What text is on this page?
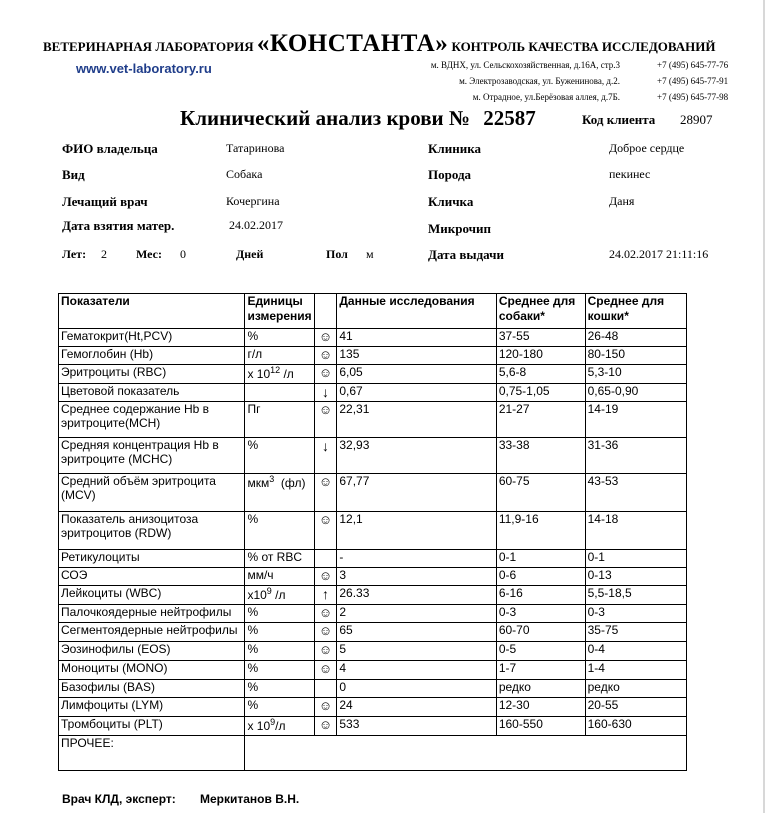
ВЕТЕРИНАРНАЯ ЛАБОРАТОРИЯ «КОНСТАНТА» КОНТРОЛЬ КАЧЕСТВА ИССЛЕДОВАНИЙ
www.vet-laboratory.ru	м. ВДНХ, ул. Сельскохозяйственная, д.16А, стр.3
м. Электрозаводская, ул. Буженинова, д.2.
м. Отрадное, ул.Берёзовая аллея, д.7Б.
+7 (495) 645-77-76
+7 (495) 645-77-91
+7 (495) 645-77-98
Клинический анализ крови № 22587	Код клиента 28907
ФИО владельца	Татаринова
Вид	Собака
Лечащий врач	Кочергина
Дата взятия матер.	24.02.2017
Лет: 2 Мес: 0	Дней	Пол м
Клиника	Доброе сердце
Порода	пекинес
Кличка	Даня
Микрочип
Дата выдачи	24.02.2017 21:11:16
Показатели	Единицы измерения		Данные исследования	Среднее для собаки*	Среднее для кошки*
Гематокрит(Ht,PCV)	%	☺	41	37-55	26-48
Гемоглобин (Hb)	г/л	☺	135	120-180	80-150
Эритроциты (RBC)	x $10^{12}$ /л	☺	6,05	5,6-8	5,3-10
Цветовой показатель		↓	0,67	0,75-1,05	0,65-0,90
Среднее содержание Hb в эритроците(MCH)	Пг	☺	22,31	21-27	14-19
Средняя концентрация Hb в эритроците (MCHC)	%	↓	32,93	33-38	31-36
Средний объём эритроцита (MCV)	мкм$^3$  (фл)	☺	67,77	60-75	43-53
Показатель анизоцитоза эритроцитов (RDW)	%	☺	12,1	11,9-16	14-18
Ретикулоциты	% от RBC		-	0-1	0-1
СОЭ	мм/ч	☺	3	0-6	0-13
Лейкоциты (WBC)	$x10^9$ /л	↑	26.33	6-16	5,5-18,5
Палочкоядерные нейтрофилы	%	☺	2	0-3	0-3
Сегментоядерные нейтрофилы	%	☺	65	60-70	35-75
Эозинофилы (EOS)	%	☺	5	0-5	0-4
Моноциты (MONO)	%	☺	4	1-7	1-4
Базофилы (BAS)	%		0	редко	редко
Лимфоциты (LYM)	%	☺	24	12-30	20-55
Тромбоциты (PLT)	x $10^9/л$	☺	533	160-550	160-630
ПРОЧЕЕ:					
Врач КЛД, эксперт: Меркитанов В.Н.
